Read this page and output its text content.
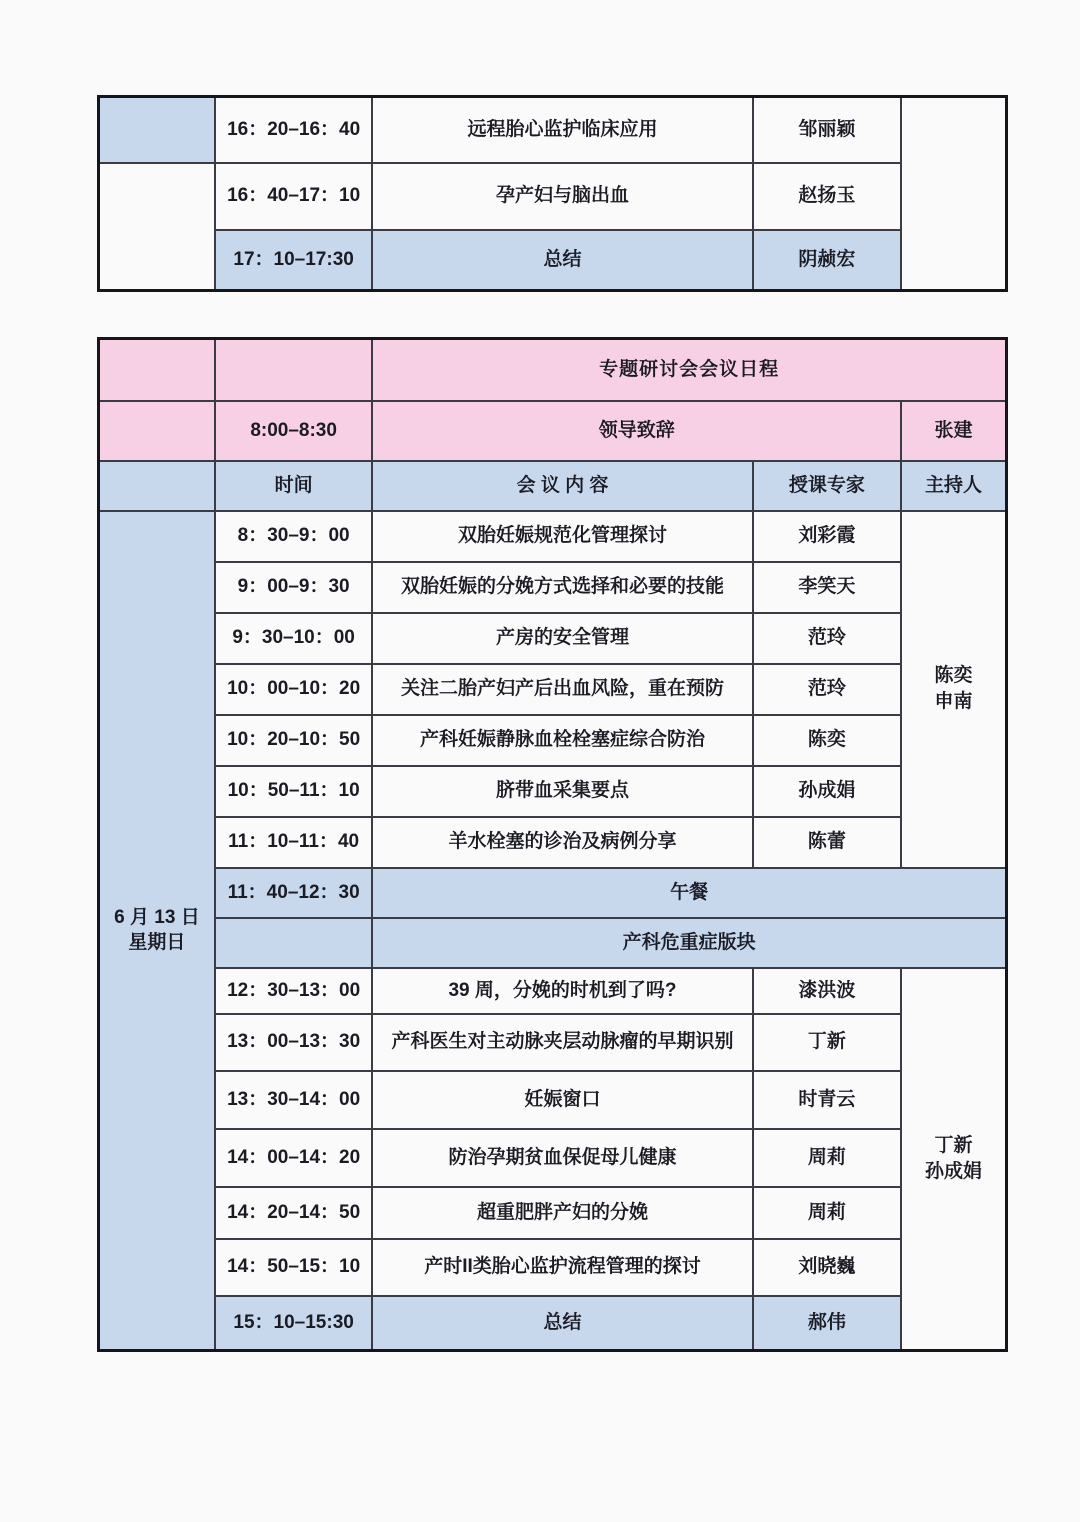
	16：20–16：40	远程胎心监护临床应用	邹丽颖	
	16：40–17：10	孕产妇与脑出血	赵扬玉	
	17：10–17:30	总结	阴赪宏	
		专题研讨会会议日程		
	8:00–8:30	领导致辞		张建
	时间	会 议 内 容	授课专家	主持人

6 月 13 日
星期日
	8：30–9：00	双胎妊娠规范化管理探讨	刘彩霞	
陈奕
申南

	9：00–9：30	双胎妊娠的分娩方式选择和必要的技能	李笑天	
	9：30–10：00	产房的安全管理	范玲	
	10：00–10：20	关注二胎产妇产后出血风险，重在预防	范玲	
	10：20–10：50	产科妊娠静脉血栓栓塞症综合防治	陈奕	
	10：50–11：10	脐带血采集要点	孙成娟	
	11：10–11：40	羊水栓塞的诊治及病例分享	陈蕾	
	11：40–12：30	午餐		
		产科危重症版块		
	12：30–13：00	39 周，分娩的时机到了吗?	漆洪波	丁新
孙成娟

	13：00–13：30	产科医生对主动脉夹层动脉瘤的早期识别	丁新	
	13：30–14：00	妊娠窗口	时青云	
	14：00–14：20	防治孕期贫血保促母儿健康	周莉	
	14：20–14：50	超重肥胖产妇的分娩	周莉	
	14：50–15：10	产时II类胎心监护流程管理的探讨	刘晓巍	
	15：10–15:30	总结	郝伟	
